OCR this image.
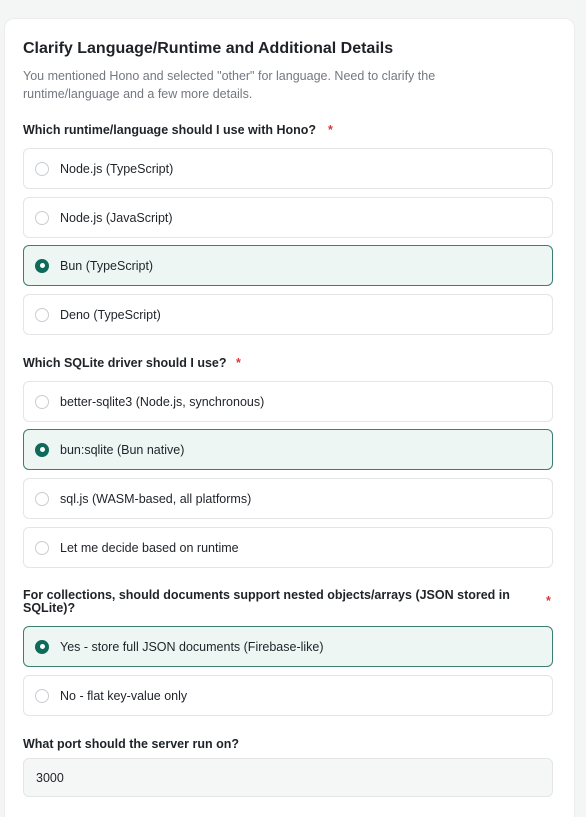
Clarify Language/Runtime and Additional Details
You mentioned Hono and selected "other" for language. Need to clarify the runtime/language and a few more details.
Which runtime/language should I use with Hono? *
Node.js (TypeScript)
Node.js (JavaScript)
Bun (TypeScript)
Deno (TypeScript)
Which SQLite driver should I use? *
better-sqlite3 (Node.js, synchronous)
bun:sqlite (Bun native)
sql.js (WASM-based, all platforms)
Let me decide based on runtime
For collections, should documents support nested objects/arrays (JSON stored in SQLite)?	*
Yes - store full JSON documents (Firebase-like)
No - flat key-value only
What port should the server run on?
3000
